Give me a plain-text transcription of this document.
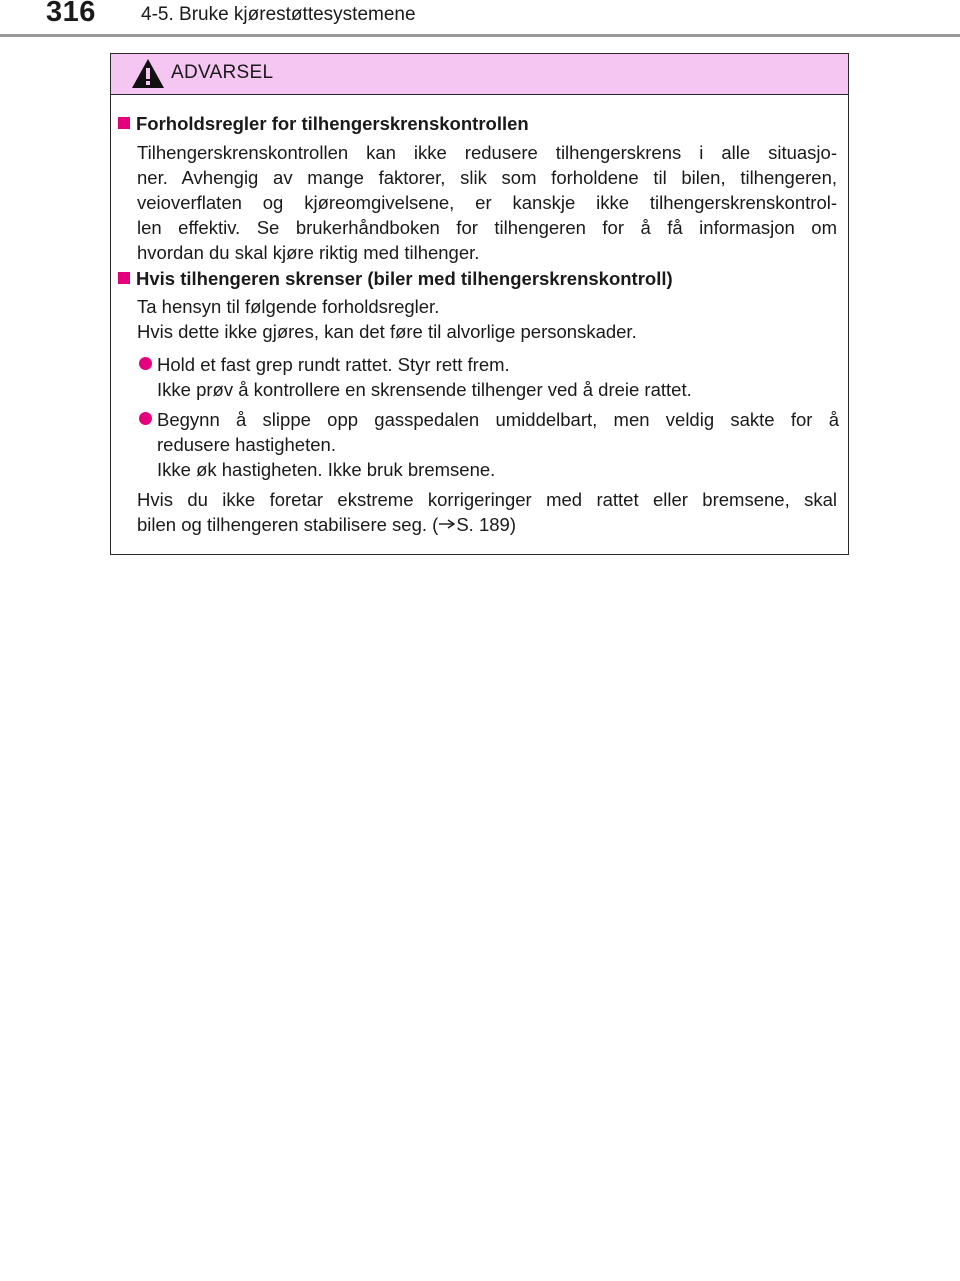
316 4-5. Bruke kjørestøttesystemene
ADVARSEL
Forholdsregler for tilhengerskrenskontrollen
Tilhengerskrenskontrollen kan ikke redusere tilhengerskrens i alle situasjo-
ner. Avhengig av mange faktorer, slik som forholdene til bilen, tilhengeren,
veioverflaten og kjøreomgivelsene, er kanskje ikke tilhengerskrenskontrol-
len effektiv. Se brukerhåndboken for tilhengeren for å få informasjon om
hvordan du skal kjøre riktig med tilhenger.
Hvis tilhengeren skrenser (biler med tilhengerskrenskontroll)
Ta hensyn til følgende forholdsregler.
Hvis dette ikke gjøres, kan det føre til alvorlige personskader.
Hold et fast grep rundt rattet. Styr rett frem.
Ikke prøv å kontrollere en skrensende tilhenger ved å dreie rattet.
Begynn å slippe opp gasspedalen umiddelbart, men veldig sakte for å
redusere hastigheten.
Ikke øk hastigheten. Ikke bruk bremsene.
Hvis du ikke foretar ekstreme korrigeringer med rattet eller bremsene, skal
bilen og tilhengeren stabilisere seg. ( S. 189)
